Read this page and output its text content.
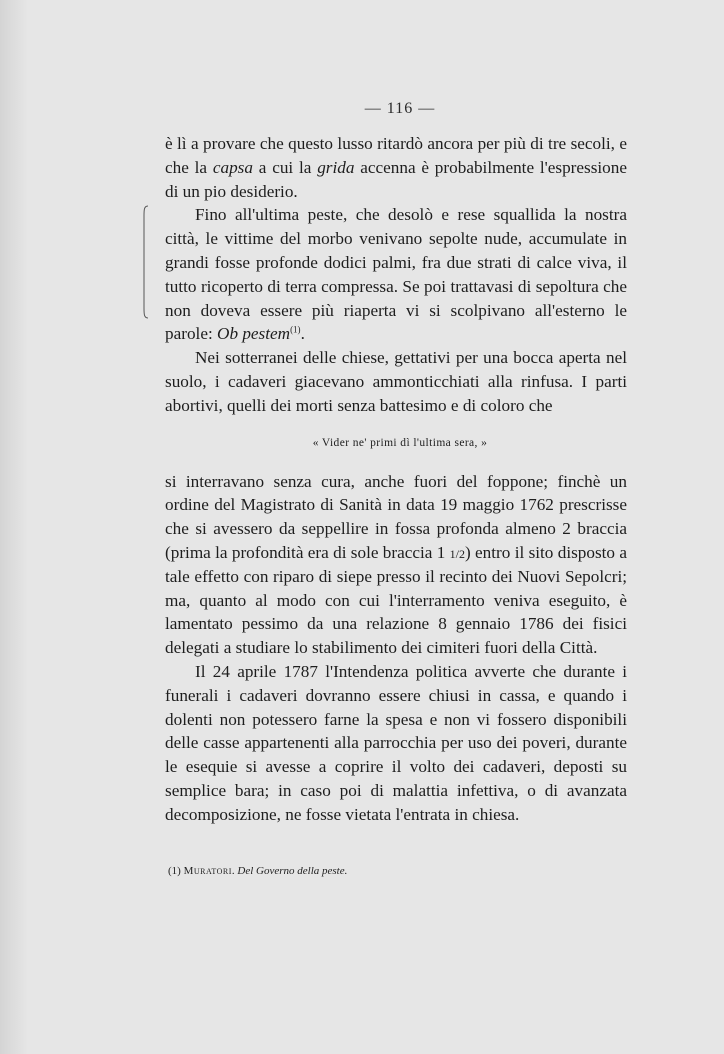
— 116 —

è lì a provare che questo lusso ritardò ancora per più di tre secoli, e che la capsa a cui la grida accenna è probabilmente l'espressione di un pio desiderio.

Fino all'ultima peste, che desolò e rese squallida la nostra città, le vittime del morbo venivano sepolte nude, accumulate in grandi fosse profonde dodici palmi, fra due strati di calce viva, il tutto ricoperto di terra compressa. Se poi trattavasi di sepoltura che non doveva essere più riaperta vi si scolpivano all'esterno le parole: Ob pestem$^{(1)}$.

Nei sotterranei delle chiese, gettativi per una bocca aperta nel suolo, i cadaveri giacevano ammonticchiati alla rinfusa. I parti abortivi, quelli dei morti senza battesimo e di coloro che

« Vider ne' primi dì l'ultima sera, »

si interravano senza cura, anche fuori del foppone; finchè un ordine del Magistrato di Sanità in data 19 maggio 1762 prescrisse che si avessero da seppellire in fossa profonda almeno 2 braccia (prima la profondità era di sole braccia 1 1/2) entro il sito disposto a tale effetto con riparo di siepe presso il recinto dei Nuovi Sepolcri; ma, quanto al modo con cui l'interramento veniva eseguito, è lamentato pessimo da una relazione 8 gennaio 1786 dei fisici delegati a studiare lo stabilimento dei cimiteri fuori della Città.

Il 24 aprile 1787 l'Intendenza politica avverte che durante i funerali i cadaveri dovranno essere chiusi in cassa, e quando i dolenti non potessero farne la spesa e non vi fossero disponibili delle casse appartenenti alla parrocchia per uso dei poveri, durante le esequie si avesse a coprire il volto dei cadaveri, deposti su semplice bara; in caso poi di malattia infettiva, o di avanzata decomposizione, ne fosse vietata l'entrata in chiesa.

(1) Muratori. Del Governo della peste.
